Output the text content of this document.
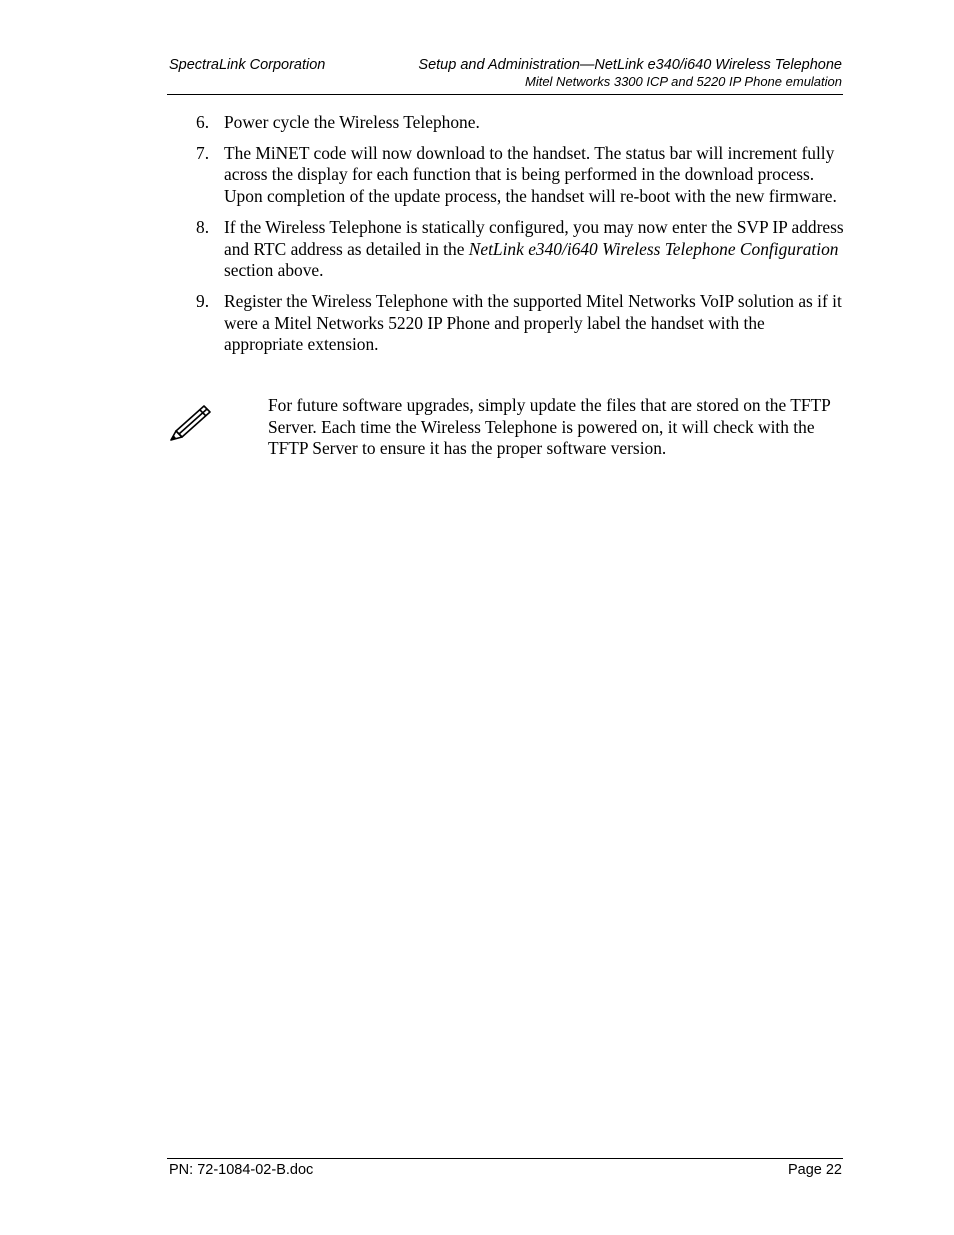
SpectraLink Corporation	Setup and Administration—NetLink e340/i640 Wireless Telephone
Mitel Networks 3300 ICP and 5220 IP Phone emulation
6. Power cycle the Wireless Telephone.
7. The MiNET code will now download to the handset. The status bar will increment fully across the display for each function that is being performed in the download process. Upon completion of the update process, the handset will re-boot with the new firmware.
8. If the Wireless Telephone is statically configured, you may now enter the SVP IP address and RTC address as detailed in the NetLink e340/i640 Wireless Telephone Configuration section above.
9. Register the Wireless Telephone with the supported Mitel Networks VoIP solution as if it were a Mitel Networks 5220 IP Phone and properly label the handset with the appropriate extension.
For future software upgrades, simply update the files that are stored on the TFTP Server. Each time the Wireless Telephone is powered on, it will check with the TFTP Server to ensure it has the proper software version.
PN: 72-1084-02-B.doc	Page 22
